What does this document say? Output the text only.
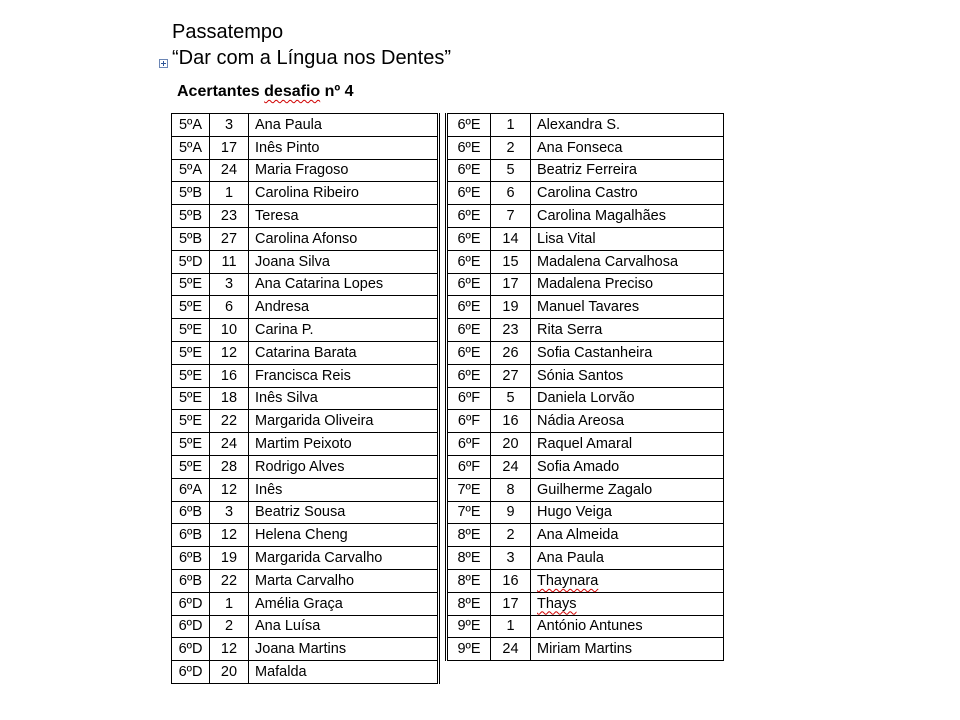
Passatempo
“Dar com a Língua nos Dentes”
Acertantes desafio nº 4
5ºA	3	Ana Paula
5ºA	17	Inês Pinto
5ºA	24	Maria Fragoso
5ºB	1	Carolina Ribeiro
5ºB	23	Teresa
5ºB	27	Carolina Afonso
5ºD	11	Joana Silva
5ºE	3	Ana Catarina Lopes
5ºE	6	Andresa
5ºE	10	Carina P.
5ºE	12	Catarina Barata
5ºE	16	Francisca Reis
5ºE	18	Inês Silva
5ºE	22	Margarida Oliveira
5ºE	24	Martim Peixoto
5ºE	28	Rodrigo Alves
6ºA	12	Inês
6ºB	3	Beatriz Sousa
6ºB	12	Helena Cheng
6ºB	19	Margarida Carvalho
6ºB	22	Marta Carvalho
6ºD	1	Amélia Graça
6ºD	2	Ana Luísa
6ºD	12	Joana Martins
6ºD	20	Mafalda
6ºE	1	Alexandra S.
6ºE	2	Ana Fonseca
6ºE	5	Beatriz Ferreira
6ºE	6	Carolina Castro
6ºE	7	Carolina Magalhães
6ºE	14	Lisa Vital
6ºE	15	Madalena Carvalhosa
6ºE	17	Madalena Preciso
6ºE	19	Manuel Tavares
6ºE	23	Rita Serra
6ºE	26	Sofia Castanheira
6ºE	27	Sónia Santos
6ºF	5	Daniela Lorvão
6ºF	16	Nádia Areosa
6ºF	20	Raquel Amaral
6ºF	24	Sofia Amado
7ºE	8	Guilherme Zagalo
7ºE	9	Hugo Veiga
8ºE	2	Ana Almeida
8ºE	3	Ana Paula
8ºE	16	Thaynara
8ºE	17	Thays
9ºE	1	António Antunes
9ºE	24	Miriam Martins
